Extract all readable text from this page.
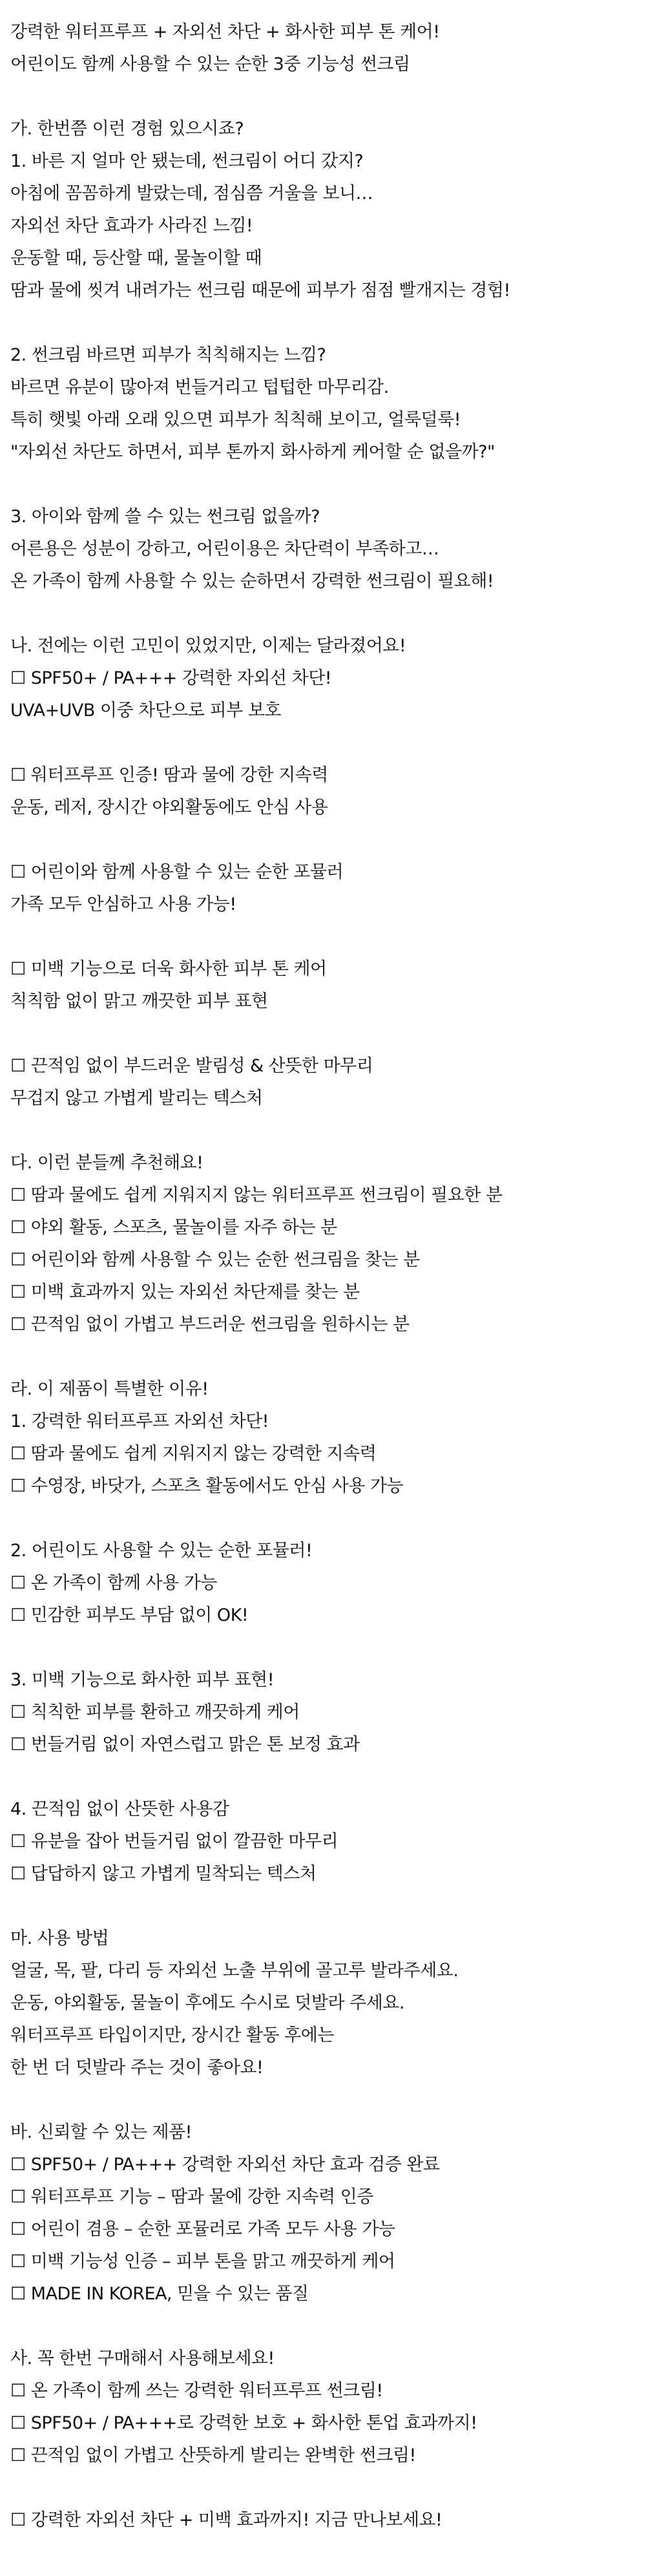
강력한 워터프루프 + 자외선 차단 + 화사한 피부 톤 케어!
어린이도 함께 사용할 수 있는 순한 3중 기능성 썬크림
가. 한번쯤 이런 경험 있으시죠?
1. 바른 지 얼마 안 됐는데, 썬크림이 어디 갔지?
아침에 꼼꼼하게 발랐는데, 점심쯤 거울을 보니…
자외선 차단 효과가 사라진 느낌!
운동할 때, 등산할 때, 물놀이할 때
땀과 물에 씻겨 내려가는 썬크림 때문에 피부가 점점 빨개지는 경험!
2. 썬크림 바르면 피부가 칙칙해지는 느낌?
바르면 유분이 많아져 번들거리고 텁텁한 마무리감.
특히 햇빛 아래 오래 있으면 피부가 칙칙해 보이고, 얼룩덜룩!
"자외선 차단도 하면서, 피부 톤까지 화사하게 케어할 순 없을까?"
3. 아이와 함께 쓸 수 있는 썬크림 없을까?
어른용은 성분이 강하고, 어린이용은 차단력이 부족하고…
온 가족이 함께 사용할 수 있는 순하면서 강력한 썬크림이 필요해!
나. 전에는 이런 고민이 있었지만, 이제는 달라졌어요!
☐ SPF50+ / PA+++ 강력한 자외선 차단!
UVA+UVB 이중 차단으로 피부 보호
☐ 워터프루프 인증! 땀과 물에 강한 지속력
운동, 레저, 장시간 야외활동에도 안심 사용
☐ 어린이와 함께 사용할 수 있는 순한 포뮬러
가족 모두 안심하고 사용 가능!
☐ 미백 기능으로 더욱 화사한 피부 톤 케어
칙칙함 없이 맑고 깨끗한 피부 표현
☐ 끈적임 없이 부드러운 발림성 & 산뜻한 마무리
무겁지 않고 가볍게 발리는 텍스처
다. 이런 분들께 추천해요!
☐ 땀과 물에도 쉽게 지워지지 않는 워터프루프 썬크림이 필요한 분
☐ 야외 활동, 스포츠, 물놀이를 자주 하는 분
☐ 어린이와 함께 사용할 수 있는 순한 썬크림을 찾는 분
☐ 미백 효과까지 있는 자외선 차단제를 찾는 분
☐ 끈적임 없이 가볍고 부드러운 썬크림을 원하시는 분
라. 이 제품이 특별한 이유!
1. 강력한 워터프루프 자외선 차단!
☐ 땀과 물에도 쉽게 지워지지 않는 강력한 지속력
☐ 수영장, 바닷가, 스포츠 활동에서도 안심 사용 가능
2. 어린이도 사용할 수 있는 순한 포뮬러!
☐ 온 가족이 함께 사용 가능
☐ 민감한 피부도 부담 없이 OK!
3. 미백 기능으로 화사한 피부 표현!
☐ 칙칙한 피부를 환하고 깨끗하게 케어
☐ 번들거림 없이 자연스럽고 맑은 톤 보정 효과
4. 끈적임 없이 산뜻한 사용감
☐ 유분을 잡아 번들거림 없이 깔끔한 마무리
☐ 답답하지 않고 가볍게 밀착되는 텍스처
마. 사용 방법
얼굴, 목, 팔, 다리 등 자외선 노출 부위에 골고루 발라주세요.
운동, 야외활동, 물놀이 후에도 수시로 덧발라 주세요.
워터프루프 타입이지만, 장시간 활동 후에는
한 번 더 덧발라 주는 것이 좋아요!
바. 신뢰할 수 있는 제품!
☐ SPF50+ / PA+++ 강력한 자외선 차단 효과 검증 완료
☐ 워터프루프 기능 – 땀과 물에 강한 지속력 인증
☐ 어린이 겸용 – 순한 포뮬러로 가족 모두 사용 가능
☐ 미백 기능성 인증 – 피부 톤을 맑고 깨끗하게 케어
☐ MADE IN KOREA, 믿을 수 있는 품질
사. 꼭 한번 구매해서 사용해보세요!
☐ 온 가족이 함께 쓰는 강력한 워터프루프 썬크림!
☐ SPF50+ / PA+++로 강력한 보호 + 화사한 톤업 효과까지!
☐ 끈적임 없이 가볍고 산뜻하게 발리는 완벽한 썬크림!
☐ 강력한 자외선 차단 + 미백 효과까지! 지금 만나보세요!
